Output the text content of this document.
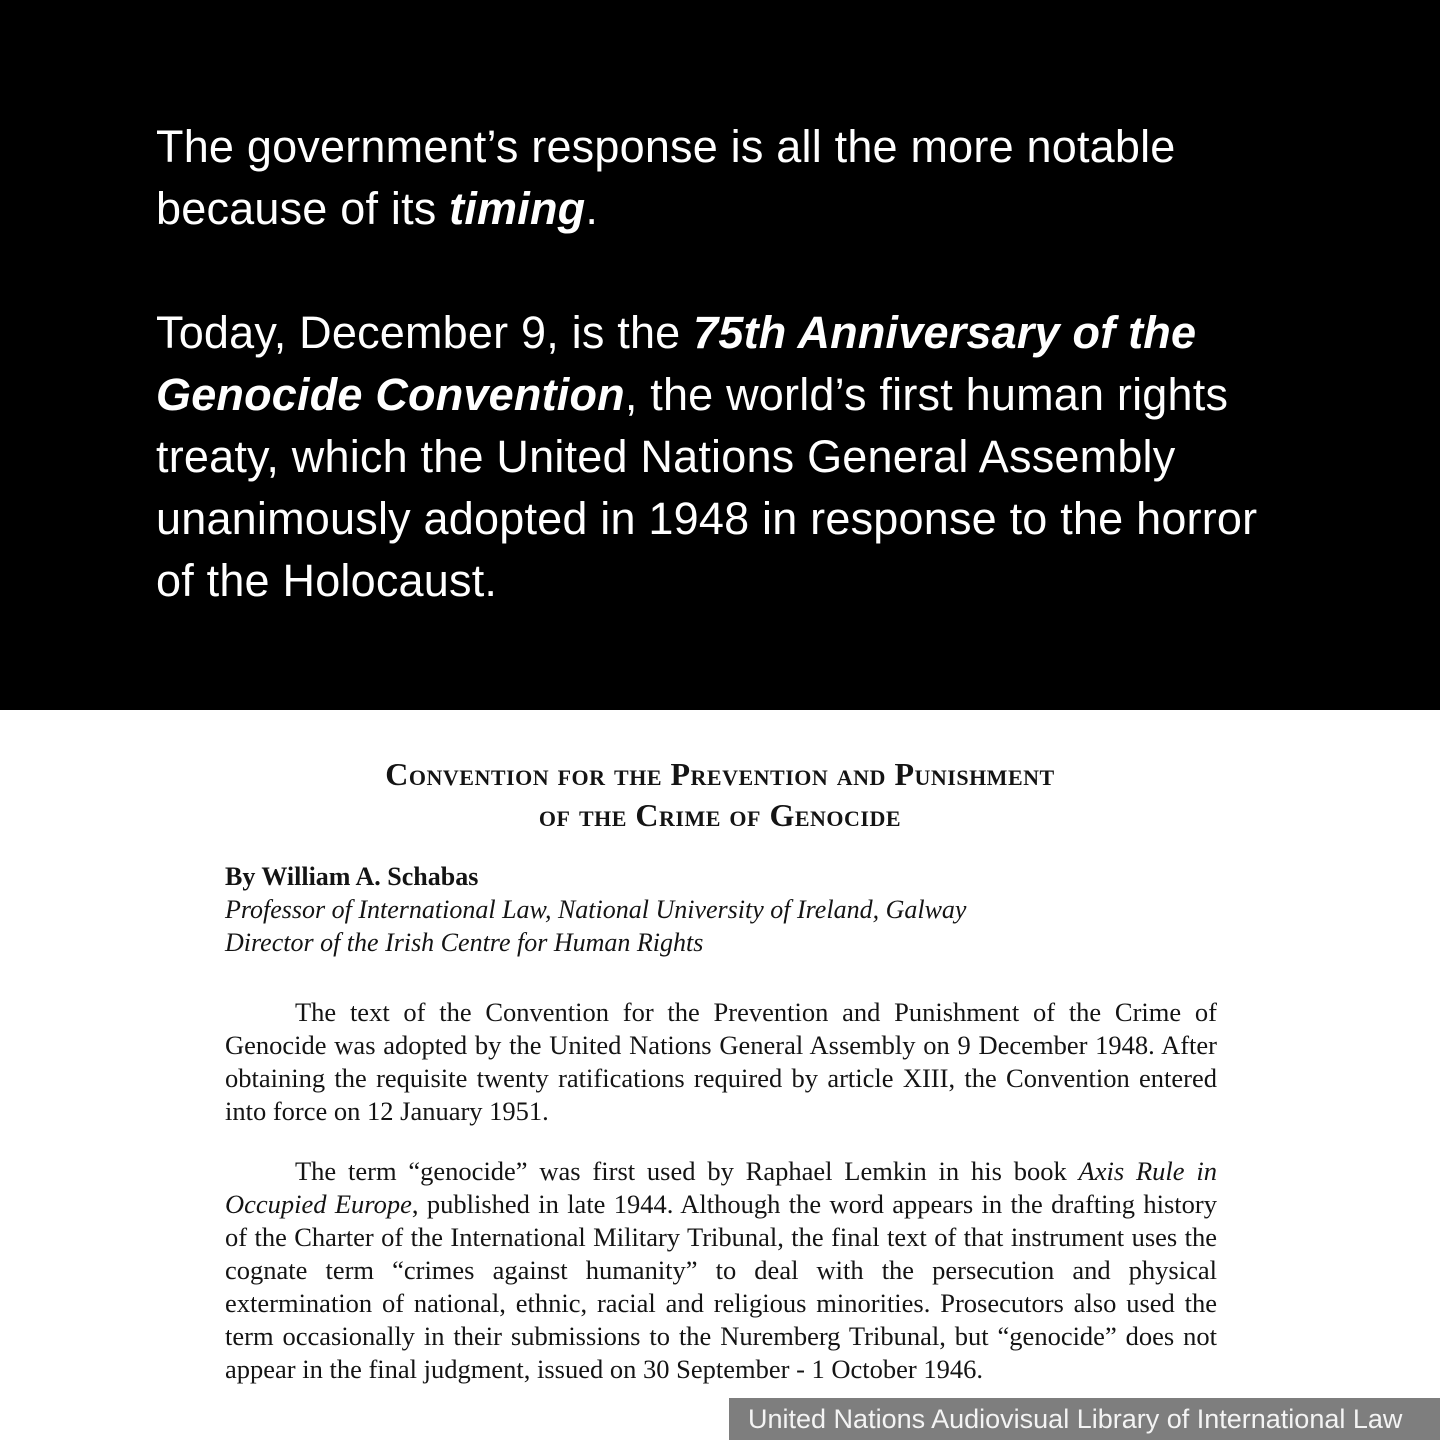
The government’s response is all the more notable because of its timing.

Today, December 9, is the 75th Anniversary of the Genocide Convention, the world’s first human rights treaty, which the United Nations General Assembly unanimously adopted in 1948 in response to the horror of the Holocaust.

Convention for the Prevention and Punishment
of the Crime of Genocide
By William A. Schabas
Professor of International Law, National University of Ireland, Galway
Director of the Irish Centre for Human Rights

The text of the Convention for the Prevention and Punishment of the Crime of Genocide was adopted by the United Nations General Assembly on 9 December 1948. After obtaining the requisite twenty ratifications required by article XIII, the Convention entered into force on 12 January 1951.

The term “genocide” was first used by Raphael Lemkin in his book Axis Rule in Occupied Europe, published in late 1944. Although the word appears in the drafting history of the Charter of the International Military Tribunal, the final text of that instrument uses the cognate term “crimes against humanity” to deal with the persecution and physical extermination of national, ethnic, racial and religious minorities. Prosecutors also used the term occasionally in their submissions to the Nuremberg Tribunal, but “genocide” does not appear in the final judgment, issued on 30 September - 1 October 1946.

United Nations Audiovisual Library of International Law
